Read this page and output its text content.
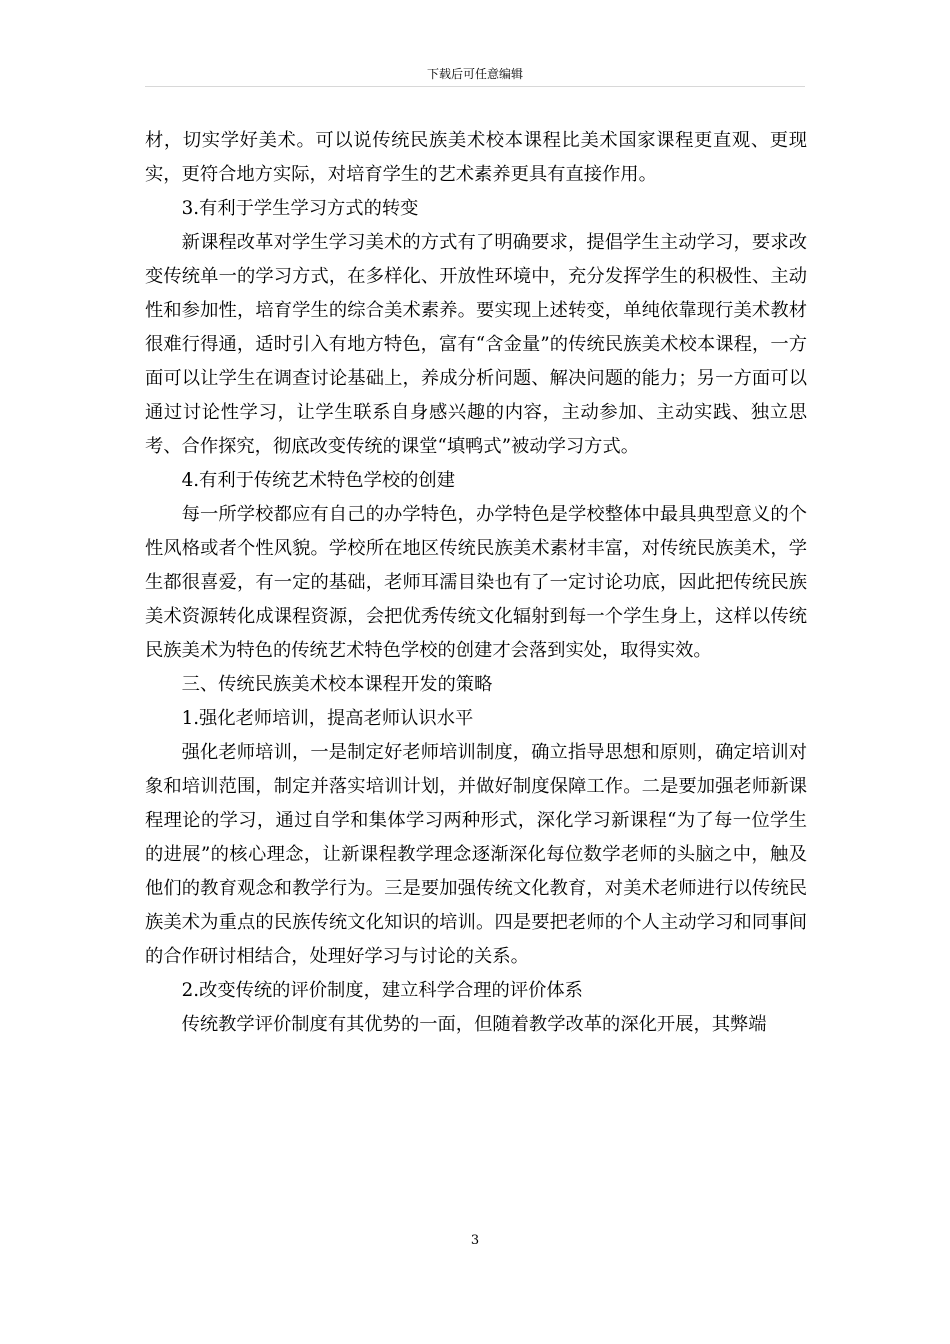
下载后可任意编辑

材，切实学好美术。可以说传统民族美术校本课程比美术国家课程更直观、更现实，更符合地方实际，对培育学生的艺术素养更具有直接作用。

3.有利于学生学习方式的转变

新课程改革对学生学习美术的方式有了明确要求，提倡学生主动学习，要求改变传统单一的学习方式，在多样化、开放性环境中，充分发挥学生的积极性、主动性和参加性，培育学生的综合美术素养。要实现上述转变，单纯依靠现行美术教材很难行得通，适时引入有地方特色，富有“含金量”的传统民族美术校本课程，一方面可以让学生在调查讨论基础上，养成分析问题、解决问题的能力；另一方面可以通过讨论性学习，让学生联系自身感兴趣的内容，主动参加、主动实践、独立思考、合作探究，彻底改变传统的课堂“填鸭式”被动学习方式。

4.有利于传统艺术特色学校的创建

每一所学校都应有自己的办学特色，办学特色是学校整体中最具典型意义的个性风格或者个性风貌。学校所在地区传统民族美术素材丰富，对传统民族美术，学生都很喜爱，有一定的基础，老师耳濡目染也有了一定讨论功底，因此把传统民族美术资源转化成课程资源，会把优秀传统文化辐射到每一个学生身上，这样以传统民族美术为特色的传统艺术特色学校的创建才会落到实处，取得实效。

三、传统民族美术校本课程开发的策略

1.强化老师培训，提高老师认识水平

强化老师培训，一是制定好老师培训制度，确立指导思想和原则，确定培训对象和培训范围，制定并落实培训计划，并做好制度保障工作。二是要加强老师新课程理论的学习，通过自学和集体学习两种形式，深化学习新课程“为了每一位学生的进展”的核心理念，让新课程教学理念逐渐深化每位数学老师的头脑之中，触及他们的教育观念和教学行为。三是要加强传统文化教育，对美术老师进行以传统民族美术为重点的民族传统文化知识的培训。四是要把老师的个人主动学习和同事间的合作研讨相结合，处理好学习与讨论的关系。

2.改变传统的评价制度，建立科学合理的评价体系

传统教学评价制度有其优势的一面，但随着教学改革的深化开展，其弊端

3
